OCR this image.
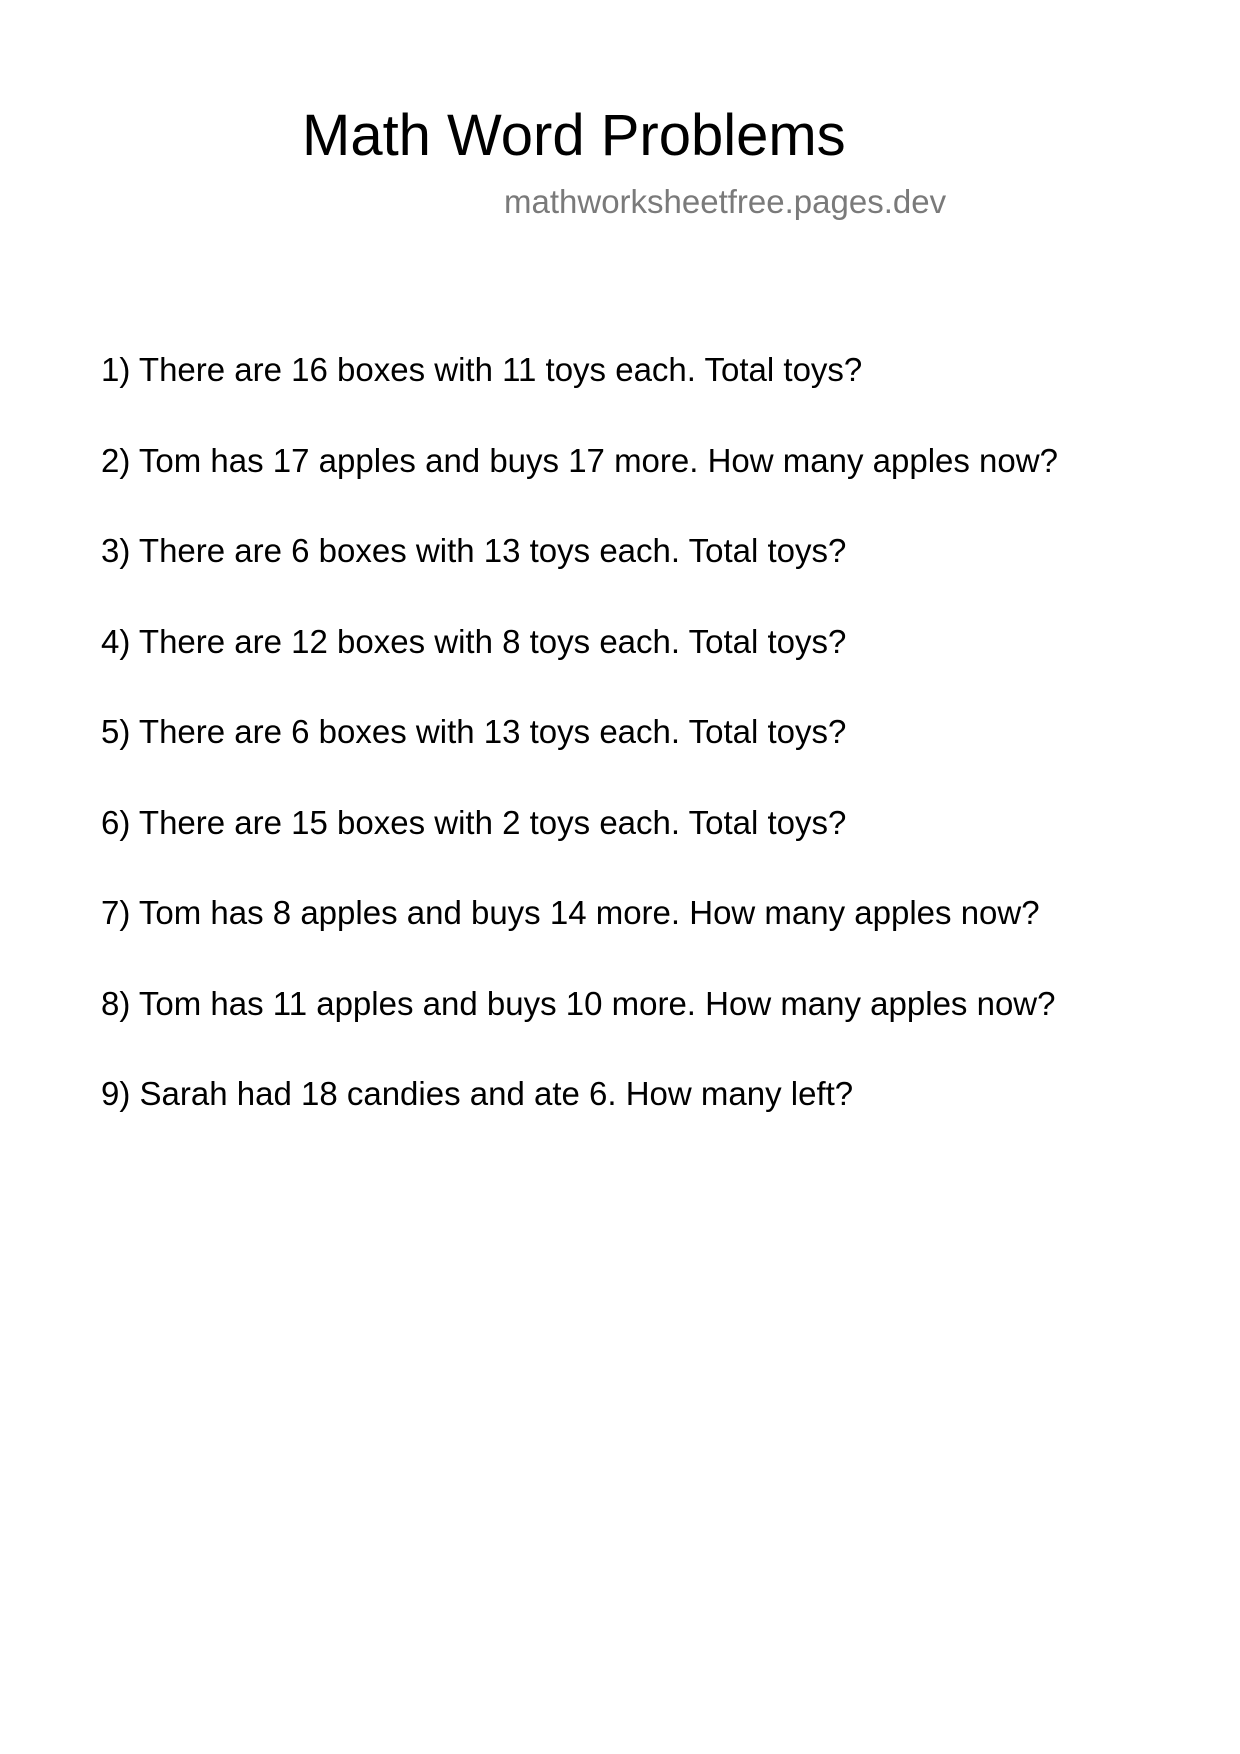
Math Word Problems
mathworksheetfree.pages.dev
1) There are 16 boxes with 11 toys each. Total toys?
2) Tom has 17 apples and buys 17 more. How many apples now?
3) There are 6 boxes with 13 toys each. Total toys?
4) There are 12 boxes with 8 toys each. Total toys?
5) There are 6 boxes with 13 toys each. Total toys?
6) There are 15 boxes with 2 toys each. Total toys?
7) Tom has 8 apples and buys 14 more. How many apples now?
8) Tom has 11 apples and buys 10 more. How many apples now?
9) Sarah had 18 candies and ate 6. How many left?
